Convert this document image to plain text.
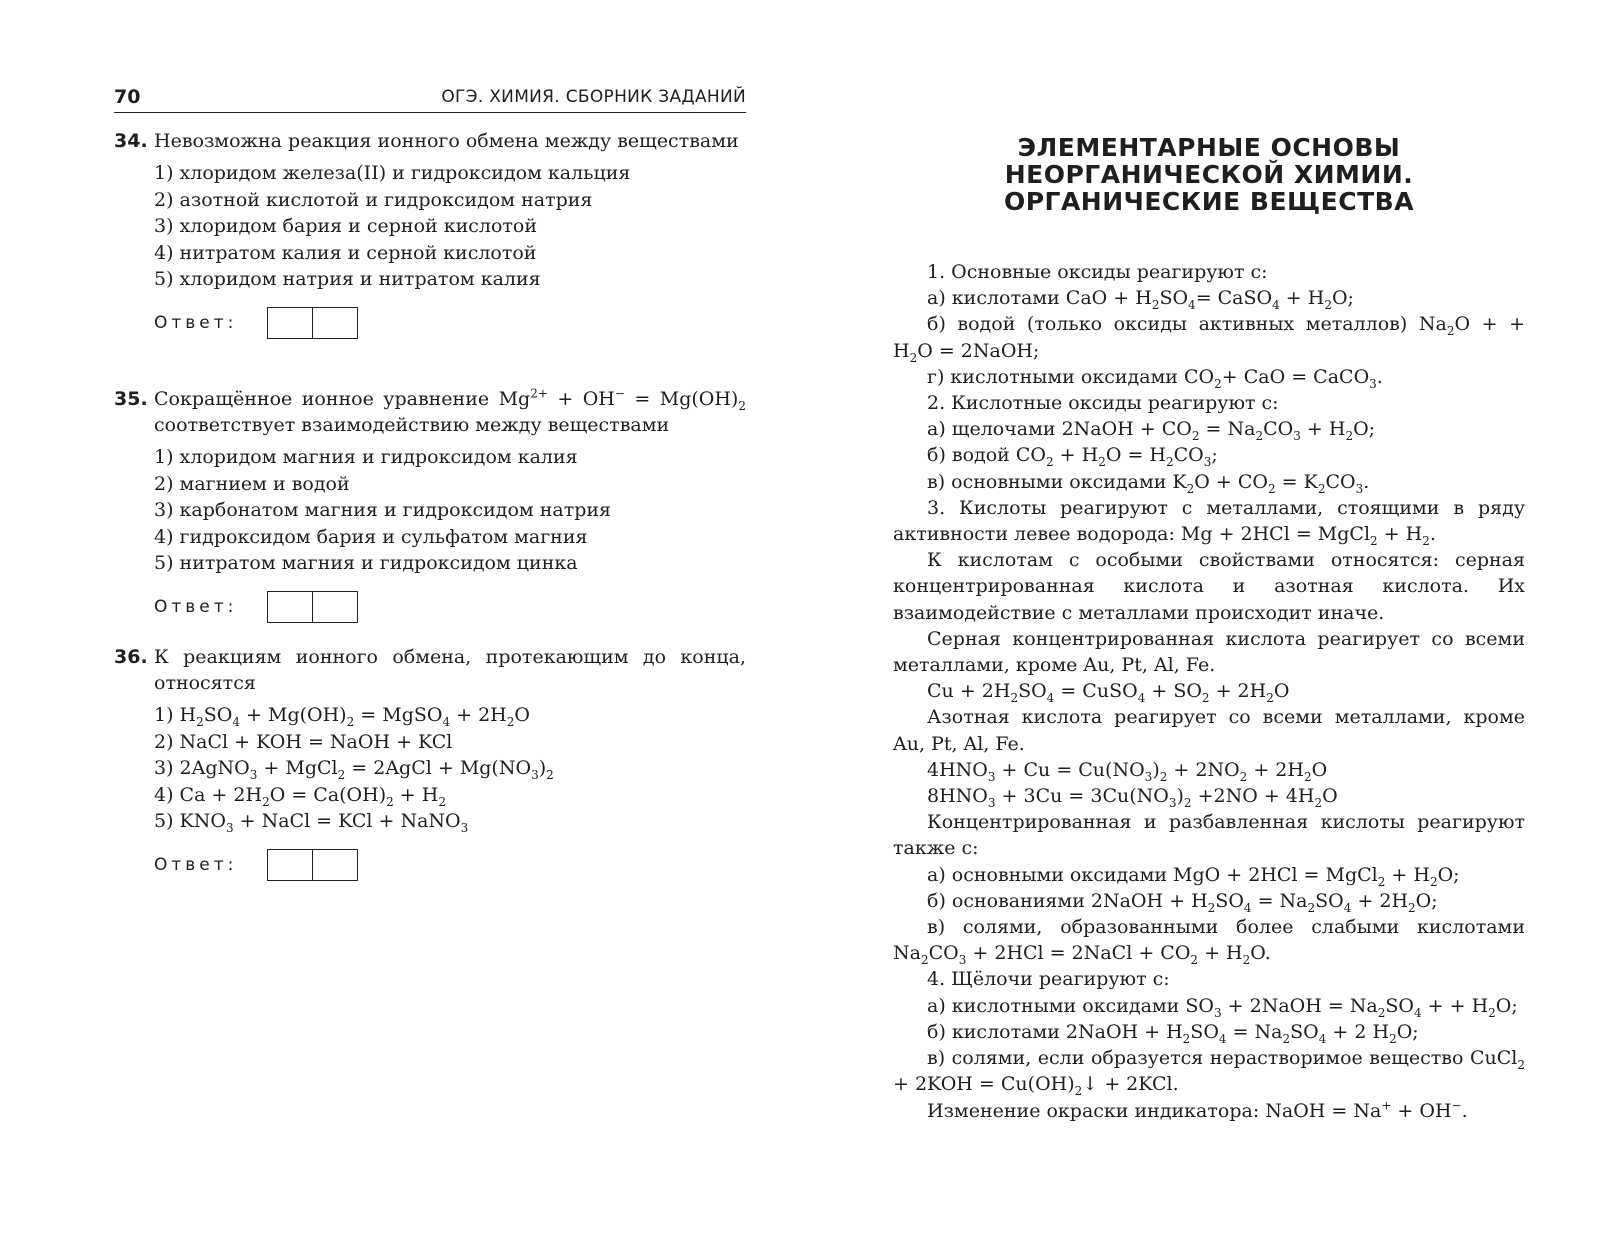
70	ОГЭ. ХИМИЯ. СБОРНИК ЗАДАНИЙ
34. Невозможна реакция ионного обмена между веществами
1) хлоридом железа(II) и гидроксидом кальция
2) азотной кислотой и гидроксидом натрия
3) хлоридом бария и серной кислотой
4) нитратом калия и серной кислотой
5) хлоридом натрия и нитратом калия
Ответ:
35. Сокращённое ионное уравнение $Mg^{2+} + OH^- = Mg(OH)_2$ соответствует взаимодействию между веществами
1) хлоридом магния и гидроксидом калия
2) магнием и водой
3) карбонатом магния и гидроксидом натрия
4) гидроксидом бария и сульфатом магния
5) нитратом магния и гидроксидом цинка
Ответ:
36. К реакциям ионного обмена, протекающим до конца, относятся
1) $H_2SO_4 + Mg(OH)_2$ = MgSO$_4$ + $2H_2O$
2) NaCl + KOH = NaOH + KCl
3) 2AgNO$_3$ + MgCl$_2$ = 2AgCl + $Mg(NO_3)_2$
4) $Ca + 2H_2O = Ca(OH)_2 + H_2$
5) $KNO_3$ + NaCl = KCl + NaNO$_3$
Ответ:
ЭЛЕМЕНТАРНЫЕ ОСНОВЫ
НЕОРГАНИЧЕСКОЙ ХИМИИ.
ОРГАНИЧЕСКИЕ ВЕЩЕСТВА

1. Основные оксиды реагируют с:

а) кислотами CaO + $H_2SO_4=$ CaSO$_4$ + $H_2O$;

б) водой (только оксиды активных металлов) $Na_2O$ + + $H_2O$ = 2NaOH;

г) кислотными оксидами $CO_2+$ CaO = CaCO$_3$.

2. Кислотные оксиды реагируют с:

а) щелочами 2NaOH + $CO_2 = Na_2CO_3 + H_2O$;

б) водой $CO_2 + H_2O = H_2CO_3$;

в) основными оксидами $K_2O + CO_2 = K_2CO_3$.

3. Кислоты реагируют с металлами, стоящими в ряду активности левее водорода: Mg + 2HCl = MgCl$_2$ + $H_2$.

К кислотам с особыми свойствами относятся: серная концентрированная кислота и азотная кислота. Их взаимодействие с металлами происходит иначе.

Серная концентрированная кислота реагирует со всеми металлами, кроме Au, Pt, Al, Fe.

$Cu + 2H_2SO_4$ = CuSO$_4$ + $SO_2 + 2H_2O$

Азотная кислота реагирует со всеми металлами, кроме Au, Pt, Al, Fe.

$4HNO_3 + Cu = Cu(NO_3)_2 + 2NO_2 + 2H_2O$

$8HNO_3 + 3Cu = 3Cu(NO_3)_2 +2NO + 4H_2O$

Концентрированная и разбавленная кислоты реагируют также с:

а) основными оксидами MgO + 2HCl = MgCl$_2$ + $H_2O$;

б) основаниями 2NaOH + $H_2SO_4 = Na_2SO_4 + 2H_2O$;

в) солями, образованными более слабыми кислотами $Na_2CO_3 + 2HCl$ = 2NaCl + $CO_2 + H_2O$.

4. Щёлочи реагируют с:

а) кислотными оксидами $SO_3$ + 2NaOH = $Na_2SO_4$ + + $H_2O$;

б) кислотами 2NaOH + $H_2SO_4 = Na_2SO_4 + 2$ $H_2O$;

в) солями, если образуется нерастворимое вещество CuCl$_2$ + $2KOH = Cu(OH)_2↓ + 2KCl$.

Изменение окраски индикатора: NaOH = Na+ + OH−.
